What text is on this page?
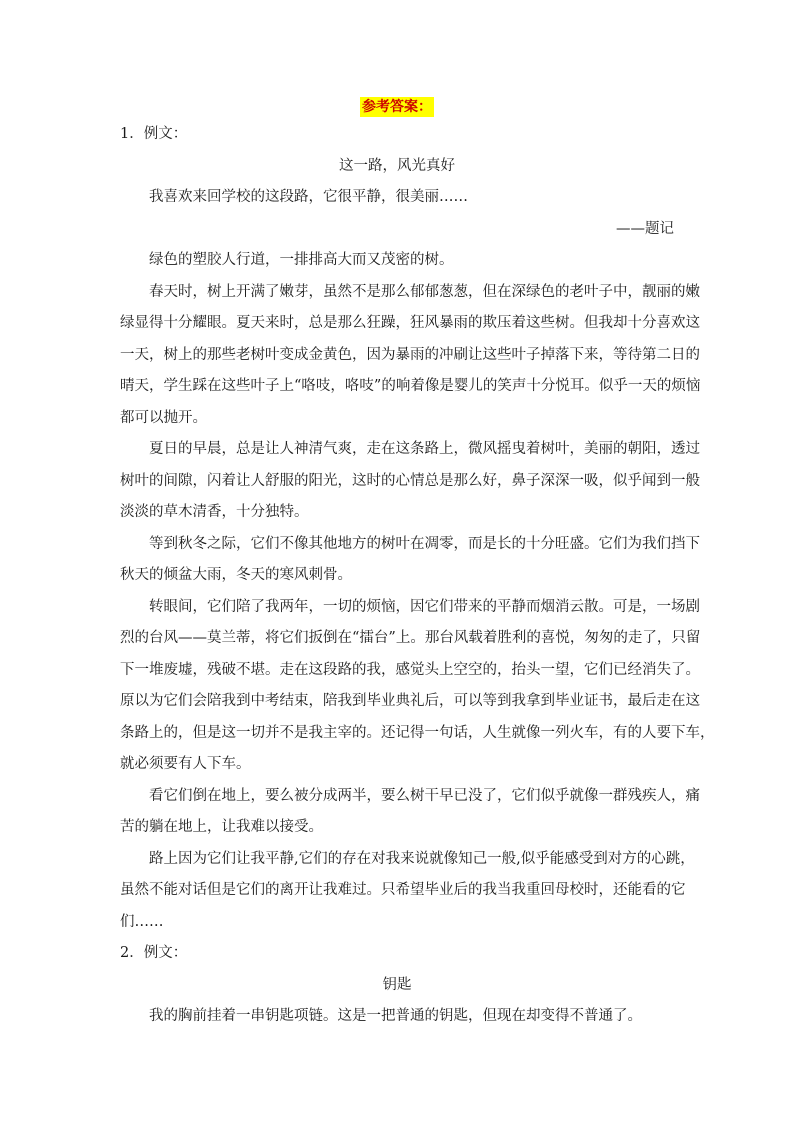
参考答案：
1．例文：
这一路，风光真好
我喜欢来回学校的这段路，它很平静，很美丽……
——题记
绿色的塑胶人行道，一排排高大而又茂密的树。
春天时，树上开满了嫩芽，虽然不是那么郁郁葱葱，但在深绿色的老叶子中，靓丽的嫩
绿显得十分耀眼。夏天来时，总是那么狂躁，狂风暴雨的欺压着这些树。但我却十分喜欢这
一天，树上的那些老树叶变成金黄色，因为暴雨的冲刷让这些叶子掉落下来，等待第二日的
晴天，学生踩在这些叶子上“咯吱，咯吱”的响着像是婴儿的笑声十分悦耳。似乎一天的烦恼
都可以抛开。
夏日的早晨，总是让人神清气爽，走在这条路上，微风摇曳着树叶，美丽的朝阳，透过
树叶的间隙，闪着让人舒服的阳光，这时的心情总是那么好，鼻子深深一吸，似乎闻到一般
淡淡的草木清香，十分独特。
等到秋冬之际，它们不像其他地方的树叶在凋零，而是长的十分旺盛。它们为我们挡下
秋天的倾盆大雨，冬天的寒风刺骨。
转眼间，它们陪了我两年，一切的烦恼，因它们带来的平静而烟消云散。可是，一场剧
烈的台风——莫兰蒂，将它们扳倒在“擂台”上。那台风载着胜利的喜悦，匆匆的走了，只留
下一堆废墟，残破不堪。走在这段路的我，感觉头上空空的，抬头一望，它们已经消失了。
原以为它们会陪我到中考结束，陪我到毕业典礼后，可以等到我拿到毕业证书，最后走在这
条路上的，但是这一切并不是我主宰的。还记得一句话，人生就像一列火车，有的人要下车，
就必须要有人下车。
看它们倒在地上，要么被分成两半，要么树干早已没了，它们似乎就像一群残疾人，痛
苦的躺在地上，让我难以接受。
路上因为它们让我平静,它们的存在对我来说就像知己一般,似乎能感受到对方的心跳，
虽然不能对话但是它们的离开让我难过。只希望毕业后的我当我重回母校时，还能看的它
们……
2．例文：
钥匙
我的胸前挂着一串钥匙项链。这是一把普通的钥匙，但现在却变得不普通了。
